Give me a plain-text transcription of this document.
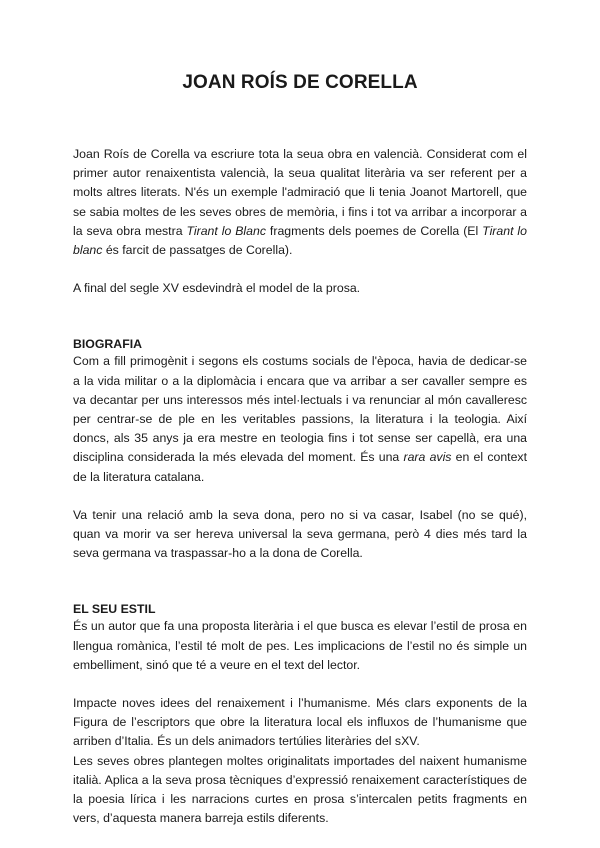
JOAN ROÍS DE CORELLA

Joan Roís de Corella va escriure tota la seua obra en valencià. Considerat com el primer autor renaixentista valencià, la seua qualitat literària va ser referent per a molts altres literats. N'és un exemple l'admiració que li tenia Joanot Martorell, que se sabia moltes de les seves obres de memòria, i fins i tot va arribar a incorporar a la seva obra mestra Tirant lo Blanc fragments dels poemes de Corella (El Tirant lo blanc és farcit de passatges de Corella).

A final del segle XV esdevindrà el model de la prosa.

BIOGRAFIA

Com a fill primogènit i segons els costums socials de l'època, havia de dedicar-se a la vida militar o a la diplomàcia i encara que va arribar a ser cavaller sempre es va decantar per uns interessos més intel·lectuals i va renunciar al món cavalleresc per centrar-se de ple en les veritables passions, la literatura i la teologia. Així doncs, als 35 anys ja era mestre en teologia fins i tot sense ser capellà, era una disciplina considerada la més elevada del moment. És una rara avis en el context de la literatura catalana.

Va tenir una relació amb la seva dona, pero no si va casar, Isabel (no se qué), quan va morir va ser hereva universal la seva germana, però 4 dies més tard la seva germana va traspassar-ho a la dona de Corella.

EL SEU ESTIL

És un autor que fa una proposta literària i el que busca es elevar l’estil de prosa en llengua romànica, l’estil té molt de pes. Les implicacions de l’estil no és simple un embelliment, sinó que té a veure en el text del lector.

Impacte noves idees del renaixement i l’humanisme. Més clars exponents de la Figura de l’escriptors que obre la literatura local els influxos de l’humanisme que arriben d’Italia. És un dels animadors tertúlies literàries del sXV.

Les seves obres plantegen moltes originalitats importades del naixent humanisme italià. Aplica a la seva prosa tècniques d’expressió renaixement característiques de la poesia lírica i les narracions curtes en prosa s’intercalen petits fragments en vers, d’aquesta manera barreja estils diferents.
